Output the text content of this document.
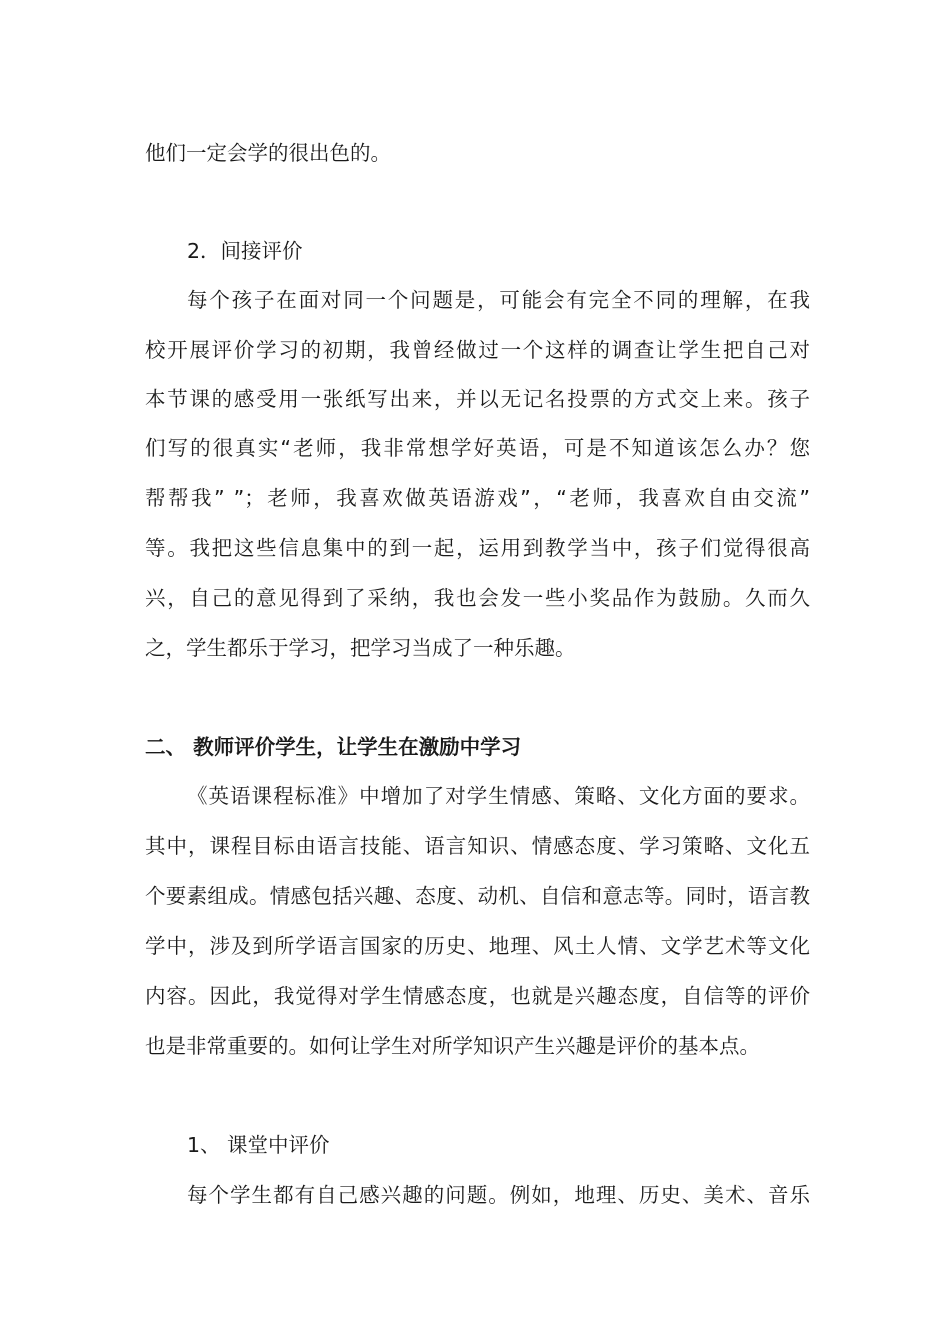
他们一定会学的很出色的。
2．间接评价
每个孩子在面对同一个问题是，可能会有完全不同的理解，在我
校开展评价学习的初期，我曾经做过一个这样的调查让学生把自己对
本节课的感受用一张纸写出来，并以无记名投票的方式交上来。孩子
们写的很真实“老师，我非常想学好英语，可是不知道该怎么办？您
帮帮我” ”；老师，我喜欢做英语游戏”，“老师，我喜欢自由交流”
等。我把这些信息集中的到一起，运用到教学当中，孩子们觉得很高
兴，自己的意见得到了采纳，我也会发一些小奖品作为鼓励。久而久
之，学生都乐于学习，把学习当成了一种乐趣。
二、 教师评价学生，让学生在激励中学习
《英语课程标准》中增加了对学生情感、策略、文化方面的要求。
其中，课程目标由语言技能、语言知识、情感态度、学习策略、文化五
个要素组成。情感包括兴趣、态度、动机、自信和意志等。同时，语言教
学中，涉及到所学语言国家的历史、地理、风土人情、文学艺术等文化
内容。因此，我觉得对学生情感态度，也就是兴趣态度，自信等的评价
也是非常重要的。如何让学生对所学知识产生兴趣是评价的基本点。
1、 课堂中评价
每个学生都有自己感兴趣的问题。例如，地理、历史、美术、音乐
